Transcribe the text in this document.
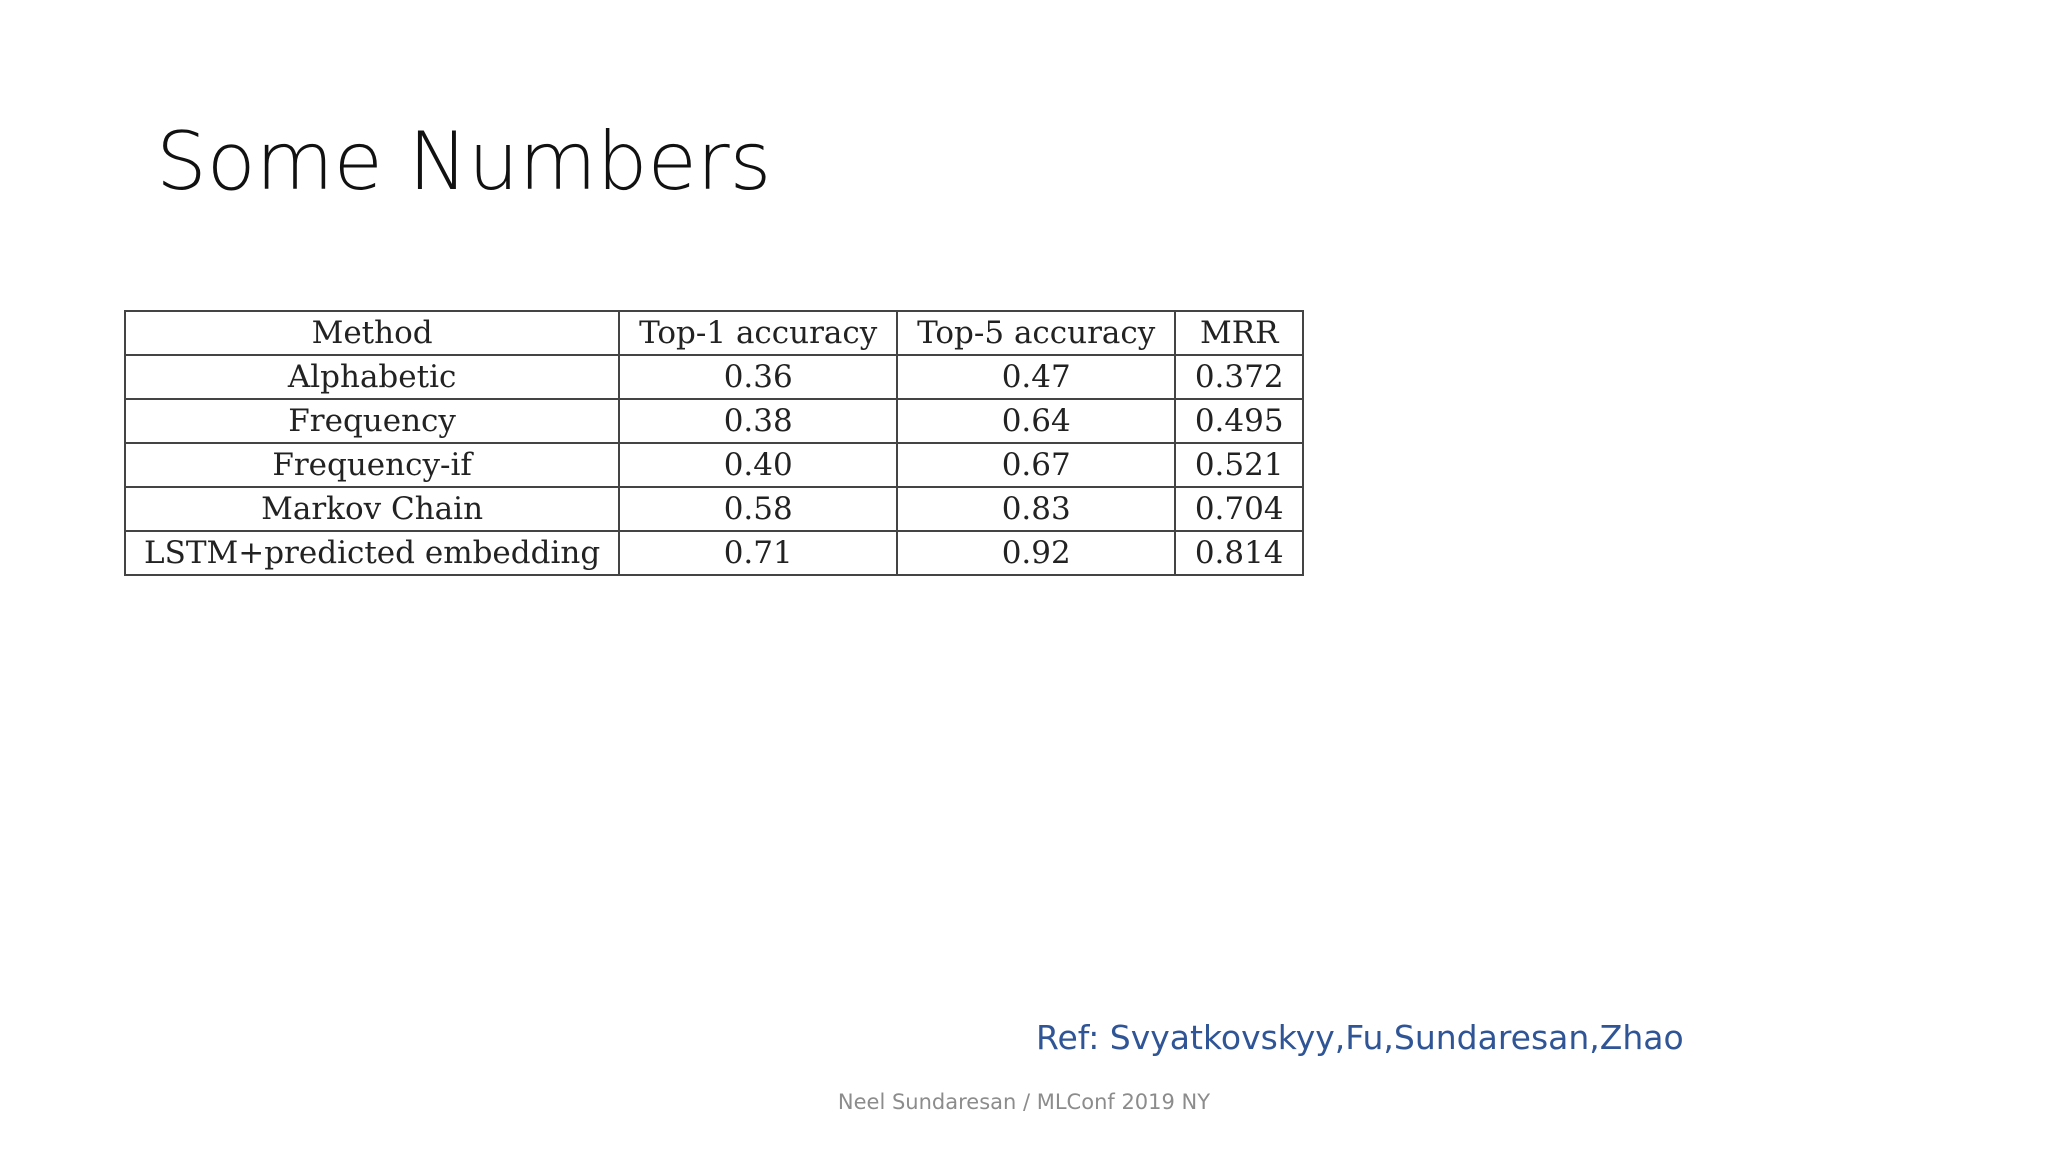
Some Numbers
Method	Top-1 accuracy	Top-5 accuracy	MRR
Alphabetic	0.36	0.47	0.372
Frequency	0.38	0.64	0.495
Frequency-if	0.40	0.67	0.521
Markov Chain	0.58	0.83	0.704
LSTM+predicted embedding	0.71	0.92	0.814
Ref: Svyatkovskyy,Fu,Sundaresan,Zhao
Neel Sundaresan / MLConf 2019 NY
